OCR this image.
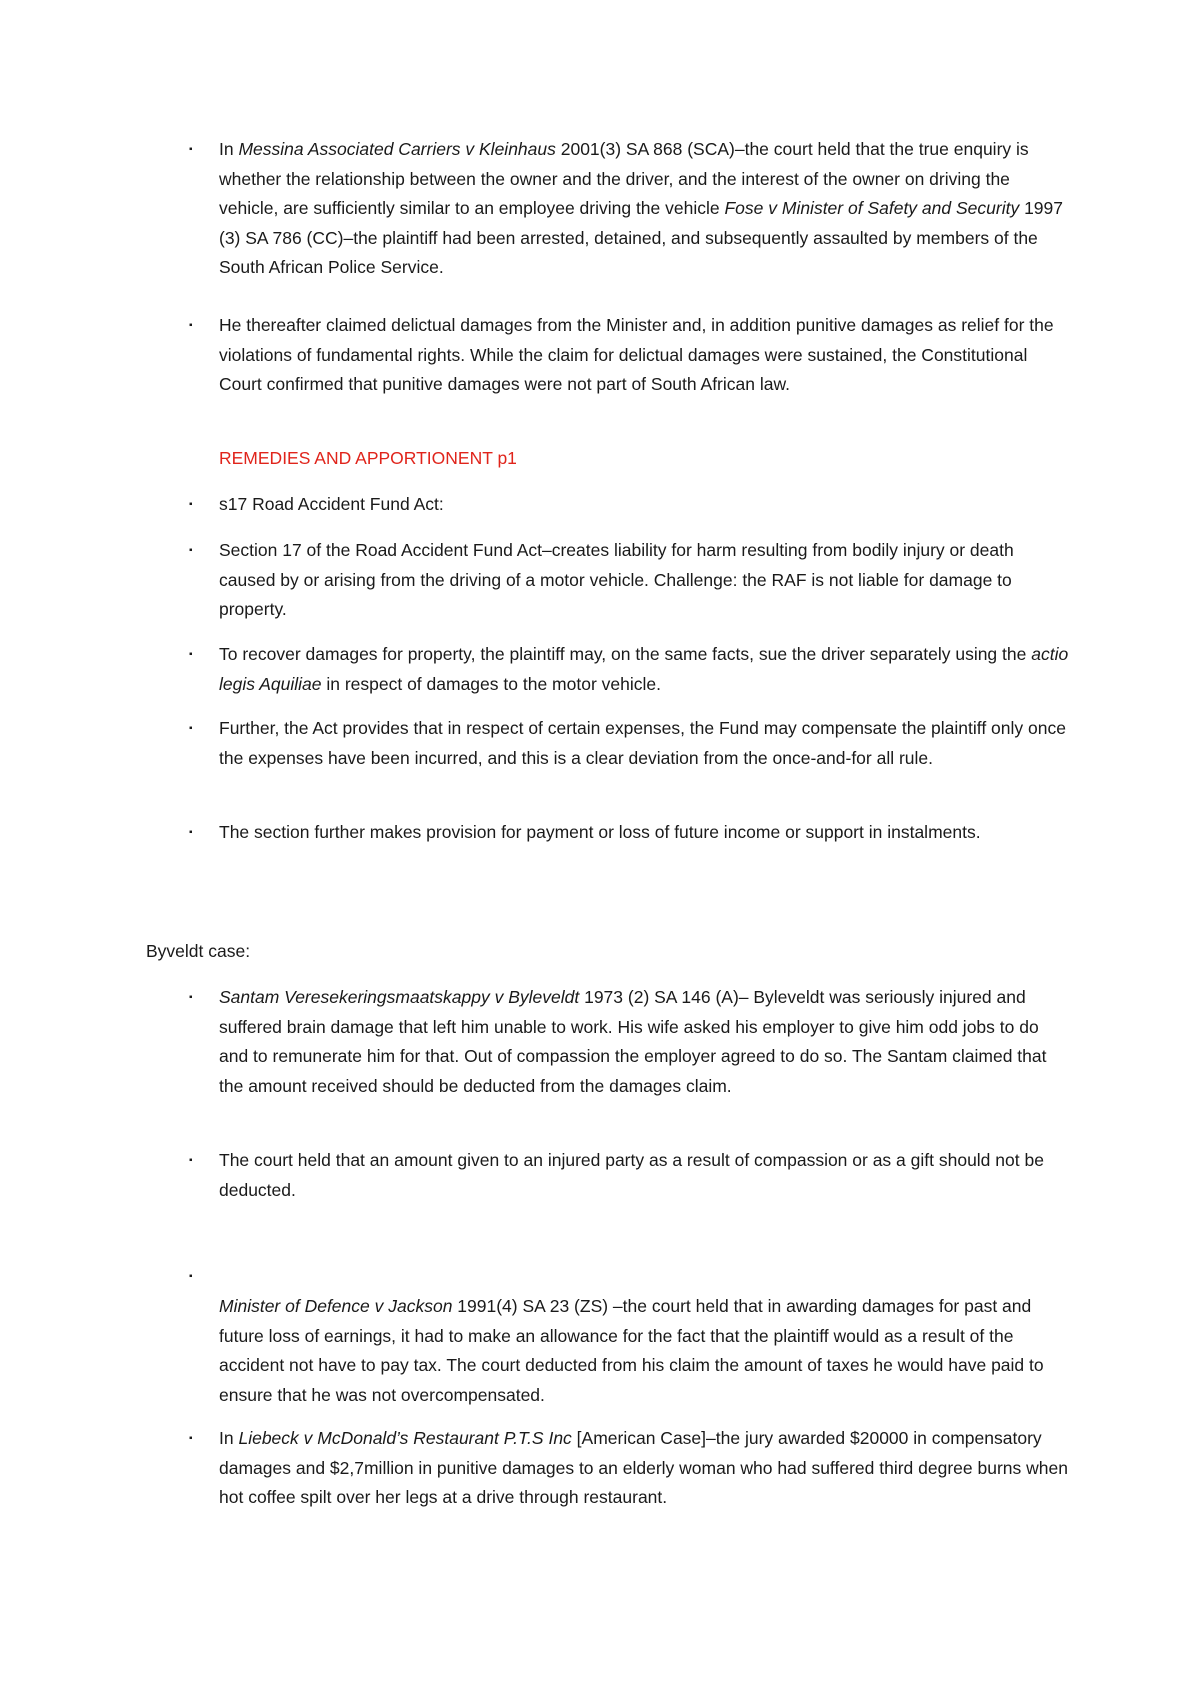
▪	In Messina Associated Carriers v Kleinhaus 2001(3) SA 868 (SCA)–the court held that the true enquiry is whether the relationship between the owner and the driver, and the interest of the owner on driving the vehicle, are sufficiently similar to an employee driving the vehicle Fose v Minister of Safety and Security 1997 (3) SA 786 (CC)–the plaintiff had been arrested, detained, and subsequently assaulted by members of the South African Police Service.
▪	He thereafter claimed delictual damages from the Minister and, in addition punitive damages as relief for the violations of fundamental rights. While the claim for delictual damages were sustained, the Constitutional Court confirmed that punitive damages were not part of South African law.

REMEDIES AND APPORTIONENT p1

▪	s17 Road Accident Fund Act:
▪	Section 17 of the Road Accident Fund Act–creates liability for harm resulting from bodily injury or death caused by or arising from the driving of a motor vehicle. Challenge: the RAF is not liable for damage to property.
▪	To recover damages for property, the plaintiff may, on the same facts, sue the driver separately using the actio legis Aquiliae in respect of damages to the motor vehicle.
▪	Further, the Act provides that in respect of certain expenses, the Fund may compensate the plaintiff only once the expenses have been incurred, and this is a clear deviation from the once-and-for all rule.
▪	The section further makes provision for payment or loss of future income or support in instalments.

Byveldt case:

▪	Santam Veresekeringsmaatskappy v Byleveldt 1973 (2) SA 146 (A)– Byleveldt was seriously injured and suffered brain damage that left him unable to work. His wife asked his employer to give him odd jobs to do and to remunerate him for that. Out of compassion the employer agreed to do so. The Santam claimed that the amount received should be deducted from the damages claim.
▪	The court held that an amount given to an injured party as a result of compassion or as a gift should not be deducted.
▪
Minister of Defence v Jackson 1991(4) SA 23 (ZS) –the court held that in awarding damages for past and future loss of earnings, it had to make an allowance for the fact that the plaintiff would as a result of the accident not have to pay tax. The court deducted from his claim the amount of taxes he would have paid to ensure that he was not overcompensated.
▪	In Liebeck v McDonald’s Restaurant P.T.S Inc [American Case]–the jury awarded $20000 in compensatory damages and $2,7million in punitive damages to an elderly woman who had suffered third degree burns when hot coffee spilt over her legs at a drive through restaurant.
